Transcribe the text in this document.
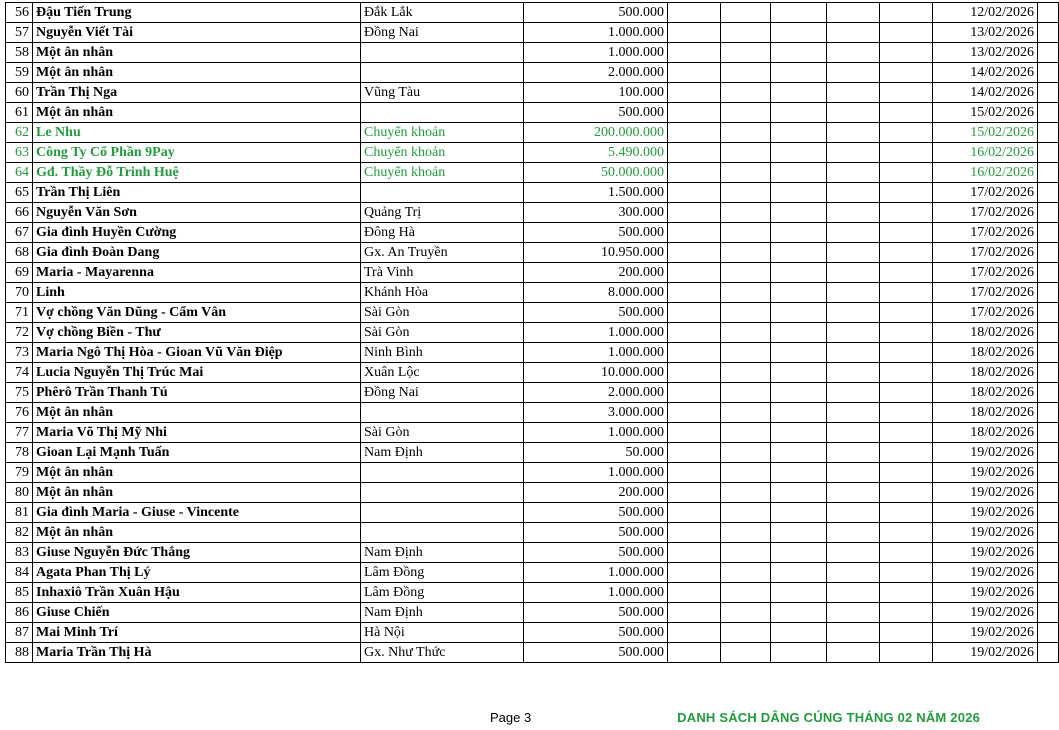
56	Đậu Tiến Trung	Đắk Lắk	500.000						12/02/2026	
57	Nguyễn Viết Tài	Đồng Nai	1.000.000						13/02/2026	
58	Một ân nhân		1.000.000						13/02/2026	
59	Một ân nhân		2.000.000						14/02/2026	
60	Trần Thị Nga	Vũng Tàu	100.000						14/02/2026	
61	Một ân nhân		500.000						15/02/2026	
62	Le Nhu	Chuyển khoản	200.000.000						15/02/2026	
63	Công Ty Cổ Phần 9Pay	Chuyển khoản	5.490.000						16/02/2026	
64	Gđ. Thầy Đỗ Trinh Huệ	Chuyển khoản	50.000.000						16/02/2026	
65	Trần Thị Liên		1.500.000						17/02/2026	
66	Nguyễn Văn Sơn	Quảng Trị	300.000						17/02/2026	
67	Gia đình Huyền Cường	Đông Hà	500.000						17/02/2026	
68	Gia đình Đoàn Dang	Gx. An Truyền	10.950.000						17/02/2026	
69	Maria - Mayarenna	Trà Vinh	200.000						17/02/2026	
70	Linh	Khánh Hòa	8.000.000						17/02/2026	
71	Vợ chồng Văn Dũng - Cẩm Vân	Sài Gòn	500.000						17/02/2026	
72	Vợ chồng Biền - Thư	Sài Gòn	1.000.000						18/02/2026	
73	Maria Ngô Thị Hòa - Gioan Vũ Văn Điệp	Ninh Bình	1.000.000						18/02/2026	
74	Lucia Nguyễn Thị Trúc Mai	Xuân Lộc	10.000.000						18/02/2026	
75	Phêrô Trần Thanh Tú	Đồng Nai	2.000.000						18/02/2026	
76	Một ân nhân		3.000.000						18/02/2026	
77	Maria Võ Thị Mỹ Nhi	Sài Gòn	1.000.000						18/02/2026	
78	Gioan Lại Mạnh Tuấn	Nam Định	50.000						19/02/2026	
79	Một ân nhân		1.000.000						19/02/2026	
80	Một ân nhân		200.000						19/02/2026	
81	Gia đình Maria - Giuse - Vincente		500.000						19/02/2026	
82	Một ân nhân		500.000						19/02/2026	
83	Giuse Nguyễn Đức Thắng	Nam Định	500.000						19/02/2026	
84	Agata Phan Thị Lý	Lâm Đồng	1.000.000						19/02/2026	
85	Inhaxiô Trần Xuân Hậu	Lâm Đồng	1.000.000						19/02/2026	
86	Giuse Chiến	Nam Định	500.000						19/02/2026	
87	Mai Minh Trí	Hà Nội	500.000						19/02/2026	
88	Maria Trần Thị Hà	Gx. Như Thức	500.000						19/02/2026	
Page 3	DANH SÁCH DÂNG CÚNG THÁNG 02 NĂM 2026
